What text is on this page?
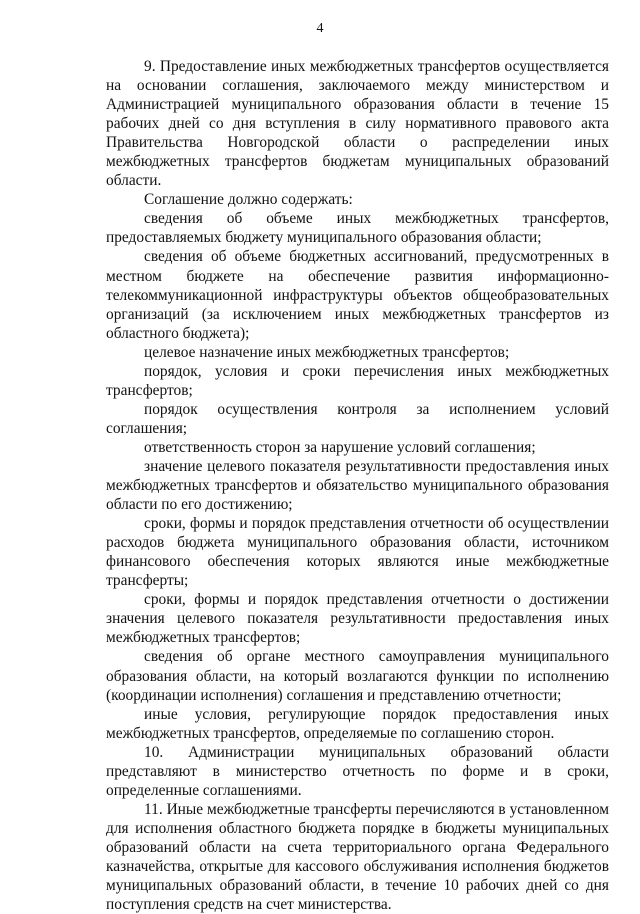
4

9. Предоставление иных межбюджетных трансфертов осуществляется на основании соглашения, заключаемого между министерством и Администрацией муниципального образования области в течение 15 рабочих дней со дня вступления в силу нормативного правового акта Правительства Новгородской области о распределении иных межбюджетных трансфертов бюджетам муниципальных образований области.

Соглашение должно содержать:

сведения об объеме иных межбюджетных трансфертов, предоставляемых бюджету муниципального образования области;

сведения об объеме бюджетных ассигнований, предусмотренных в местном бюджете на обеспечение развития информационно-телекоммуникационной инфраструктуры объектов общеобразовательных организаций (за исключением иных межбюджетных трансфертов из областного бюджета);

целевое назначение иных межбюджетных трансфертов;

порядок, условия и сроки перечисления иных межбюджетных трансфертов;

порядок осуществления контроля за исполнением условий соглашения;

ответственность сторон за нарушение условий соглашения;

значение целевого показателя результативности предоставления иных межбюджетных трансфертов и обязательство муниципального образования области по его достижению;

сроки, формы и порядок представления отчетности об осуществлении расходов бюджета муниципального образования области, источником финансового обеспечения которых являются иные межбюджетные трансферты;

сроки, формы и порядок представления отчетности о достижении значения целевого показателя результативности предоставления иных межбюджетных трансфертов;

сведения об органе местного самоуправления муниципального образования области, на который возлагаются функции по исполнению (координации исполнения) соглашения и представлению отчетности;

иные условия, регулирующие порядок предоставления иных межбюджетных трансфертов, определяемые по соглашению сторон.

10. Администрации муниципальных образований области представляют в министерство отчетность по форме и в сроки, определенные соглашениями.

11. Иные межбюджетные трансферты перечисляются в установленном для исполнения областного бюджета порядке в бюджеты муниципальных образований области на счета территориального органа Федерального казначейства, открытые для кассового обслуживания исполнения бюджетов муниципальных образований области, в течение 10 рабочих дней со дня поступления средств на счет министерства.
